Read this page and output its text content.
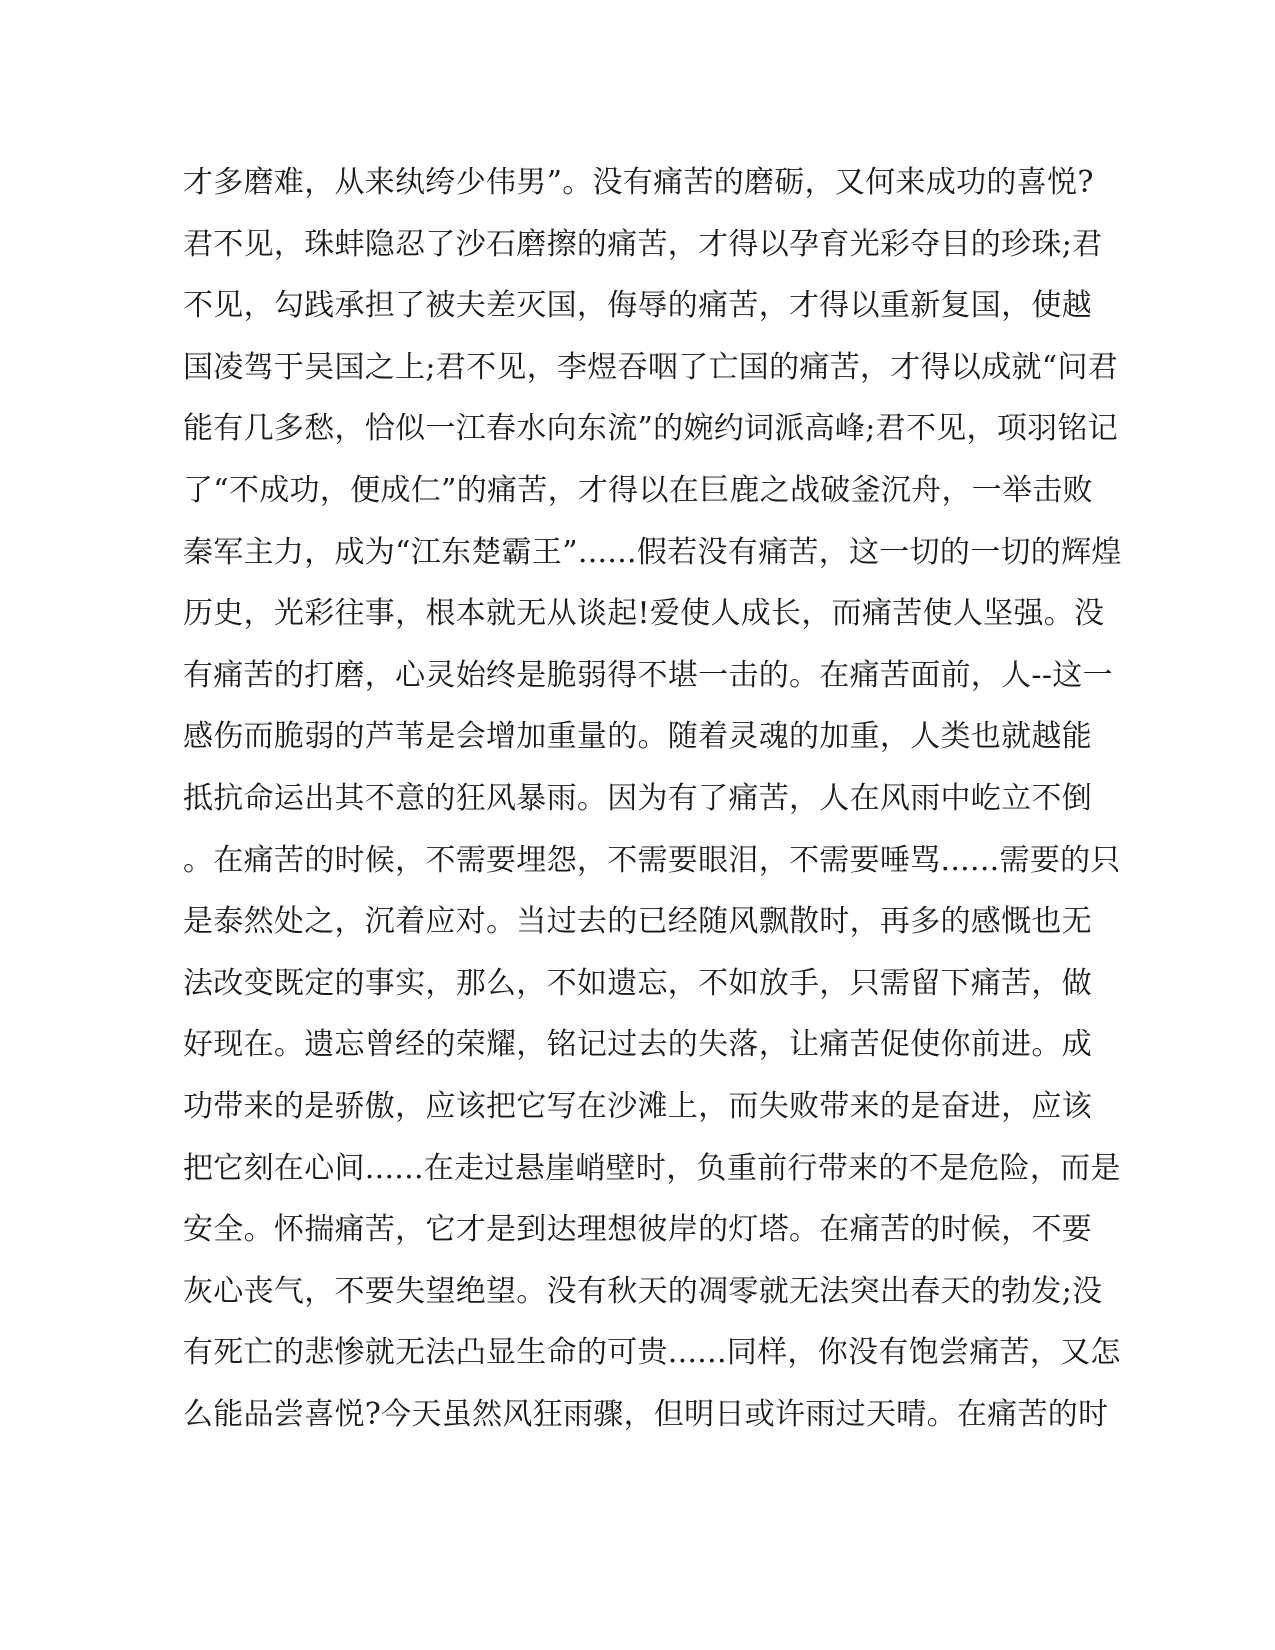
才多磨难，从来纨绔少伟男”。没有痛苦的磨砺，又何来成功的喜悦?
君不见，珠蚌隐忍了沙石磨擦的痛苦，才得以孕育光彩夺目的珍珠;君
不见，勾践承担了被夫差灭国，侮辱的痛苦，才得以重新复国，使越
国凌驾于吴国之上;君不见，李煜吞咽了亡国的痛苦，才得以成就“问君
能有几多愁，恰似一江春水向东流”的婉约词派高峰;君不见，项羽铭记
了“不成功，便成仁”的痛苦，才得以在巨鹿之战破釜沉舟，一举击败
秦军主力，成为“江东楚霸王”......假若没有痛苦，这一切的一切的辉煌
历史，光彩往事，根本就无从谈起!爱使人成长，而痛苦使人坚强。没
有痛苦的打磨，心灵始终是脆弱得不堪一击的。在痛苦面前，人--这一
感伤而脆弱的芦苇是会增加重量的。随着灵魂的加重，人类也就越能
抵抗命运出其不意的狂风暴雨。因为有了痛苦，人在风雨中屹立不倒
。在痛苦的时候，不需要埋怨，不需要眼泪，不需要唾骂......需要的只
是泰然处之，沉着应对。当过去的已经随风飘散时，再多的感慨也无
法改变既定的事实，那么，不如遗忘，不如放手，只需留下痛苦，做
好现在。遗忘曾经的荣耀，铭记过去的失落，让痛苦促使你前进。成
功带来的是骄傲，应该把它写在沙滩上，而失败带来的是奋进，应该
把它刻在心间......在走过悬崖峭壁时，负重前行带来的不是危险，而是
安全。怀揣痛苦，它才是到达理想彼岸的灯塔。在痛苦的时候，不要
灰心丧气，不要失望绝望。没有秋天的凋零就无法突出春天的勃发;没
有死亡的悲惨就无法凸显生命的可贵......同样，你没有饱尝痛苦，又怎
么能品尝喜悦?今天虽然风狂雨骤，但明日或许雨过天晴。在痛苦的时
